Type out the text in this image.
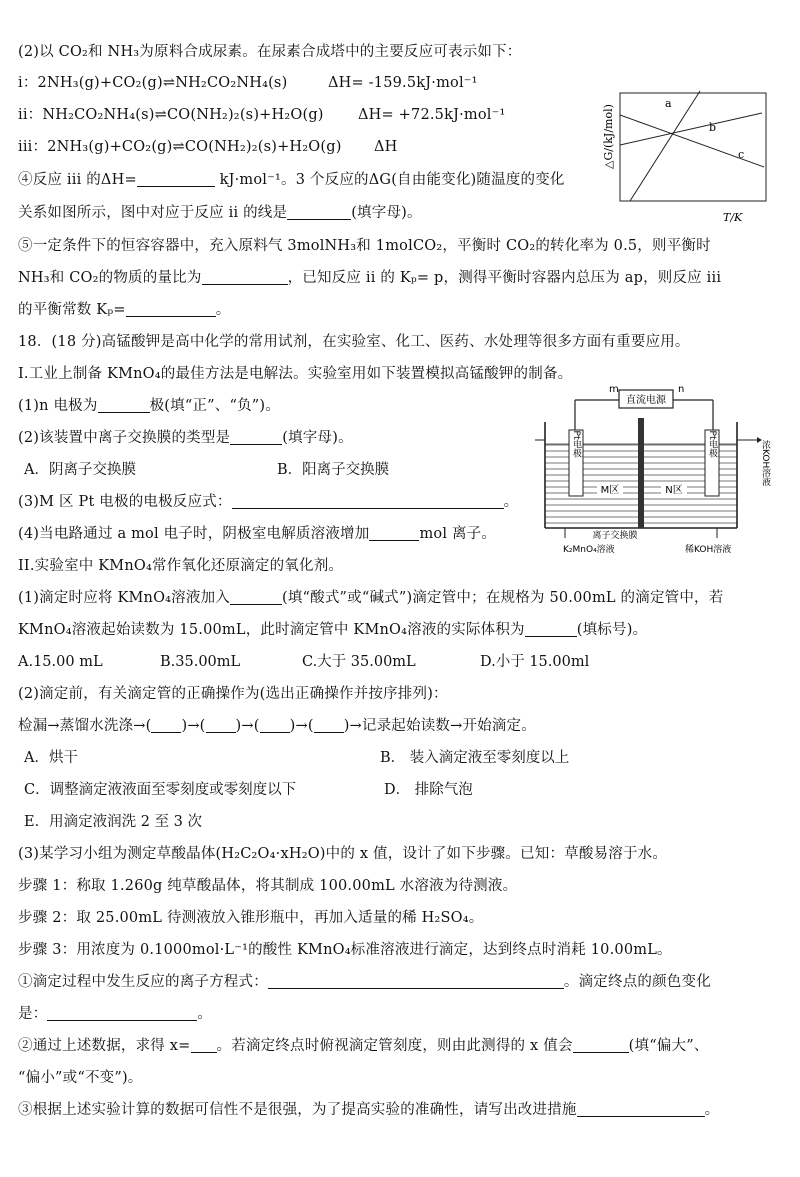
(2)以 CO₂和 NH₃为原料合成尿素。在尿素合成塔中的主要反应可表示如下：
i：2NH₃(g)+CO₂(g)⇌NH₂CO₂NH₄(s)	ΔH= -159.5kJ·mol⁻¹
ii：NH₂CO₂NH₄(s)⇌CO(NH₂)₂(s)+H₂O(g) ΔH= +72.5kJ·mol⁻¹
iii：2NH₃(g)+CO₂(g)⇌CO(NH₂)₂(s)+H₂O(g) ΔH
④反应 iii 的ΔH=	kJ·mol⁻¹。3 个反应的ΔG(自由能变化)随温度的变化
关系如图所示，图中对应于反应 ii 的线是	(填字母)。
a
b
c
△G/(kJ/mol)
T/K
⑤一定条件下的恒容容器中，充入原料气 3molNH₃和 1molCO₂，平衡时 CO₂的转化率为 0.5，则平衡时
NH₃和 CO₂的物质的量比为	，已知反应 ii 的 Kₚ= p，测得平衡时容器内总压为 ap，则反应 iii
的平衡常数 Kₚ=	。
18．(18 分)高锰酸钾是高中化学的常用试剂，在实验室、化工、医药、水处理等很多方面有重要应用。
I.工业上制备 KMnO₄的最佳方法是电解法。实验室用如下装置模拟高锰酸钾的制备。
(1)n 电极为	极(填“正”、“负”)。
(2)该装置中离子交换膜的类型是	(填字母)。
A．阴离子交换膜	B．阳离子交换膜
(3)M 区 Pt 电极的电极反应式：	。
(4)当电路通过 a mol 电子时，阴极室电解质溶液增加	mol 离子。
直流电源
m	n
Pt电极	Pt电极
M区	N区
浓KOH溶液
离子交换膜
K₂MnO₄溶液	稀KOH溶液
II.实验室中 KMnO₄常作氧化还原滴定的氧化剂。
(1)滴定时应将 KMnO₄溶液加入	(填“酸式”或“碱式”)滴定管中；在规格为 50.00mL 的滴定管中，若
KMnO₄溶液起始读数为 15.00mL，此时滴定管中 KMnO₄溶液的实际体积为	(填标号)。
A.15.00 mL	B.35.00mL	C.大于 35.00mL	D.小于 15.00ml
(2)滴定前，有关滴定管的正确操作为(选出正确操作并按序排列)：
检漏→蒸馏水洗涤→( )→( )→( )→( )→记录起始读数→开始滴定。
A．烘干	B． 装入滴定液至零刻度以上
C．调整滴定液液面至零刻度或零刻度以下	D． 排除气泡
E．用滴定液润洗 2 至 3 次
(3)某学习小组为测定草酸晶体(H₂C₂O₄·xH₂O)中的 x 值，设计了如下步骤。已知：草酸易溶于水。
步骤 1：称取 1.260g 纯草酸晶体，将其制成 100.00mL 水溶液为待测液。
步骤 2：取 25.00mL 待测液放入锥形瓶中，再加入适量的稀 H₂SO₄。
步骤 3：用浓度为 0.1000mol·L⁻¹的酸性 KMnO₄标准溶液进行滴定，达到终点时消耗 10.00mL。
①滴定过程中发生反应的离子方程式：	。滴定终点的颜色变化
是：	。
②通过上述数据，求得 x= 。若滴定终点时俯视滴定管刻度，则由此测得的 x 值会	(填“偏大”、
“偏小”或“不变”)。
③根据上述实验计算的数据可信性不是很强，为了提高实验的准确性，请写出改进措施	。
